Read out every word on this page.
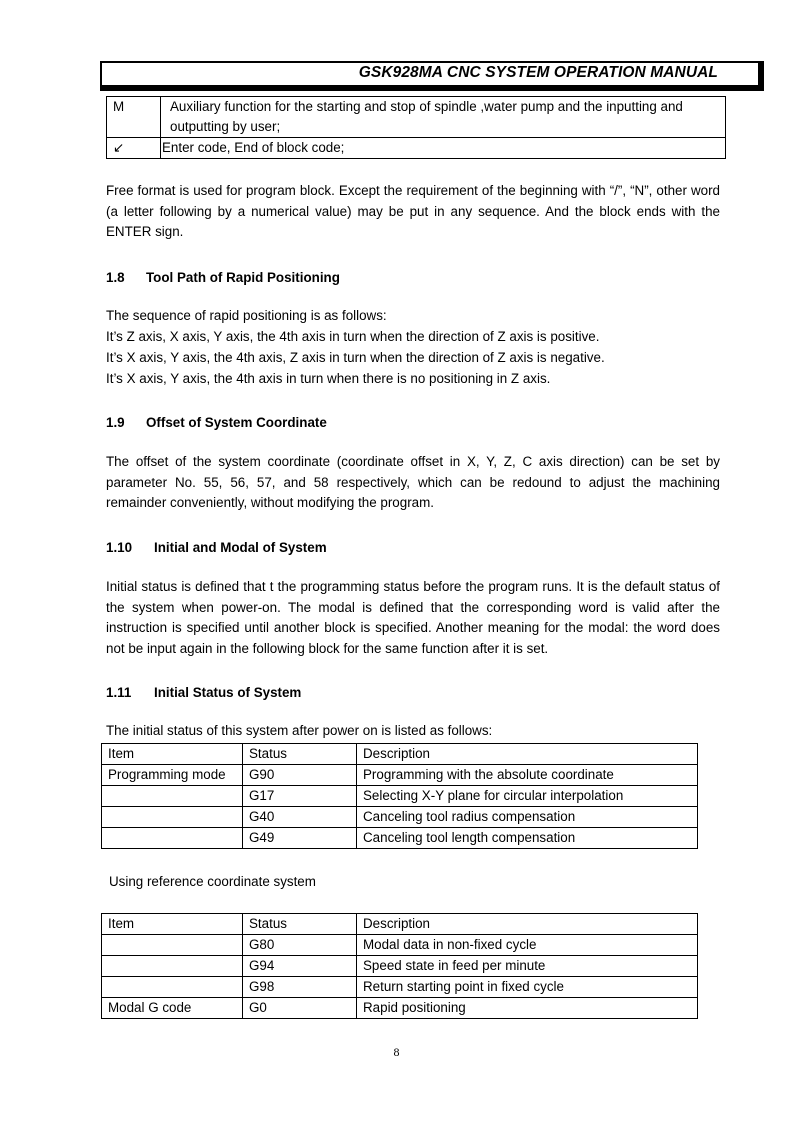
GSK928MA CNC SYSTEM OPERATION MANUAL
M	Auxiliary function for the starting and stop of spindle ,water pump and the inputting and outputting by user;
↙	Enter code, End of block code;

Free format is used for program block. Except the requirement of the beginning with “/”, “N”, other word (a letter following by a numerical value) may be put in any sequence. And the block ends with the ENTER sign.

1.8 Tool Path of Rapid Positioning

The sequence of rapid positioning is as follows:

It’s Z axis, X axis, Y axis, the 4th axis in turn when the direction of Z axis is positive.

It’s X axis, Y axis, the 4th axis, Z axis in turn when the direction of Z axis is negative.

It’s X axis, Y axis, the 4th axis in turn when there is no positioning in Z axis.

1.9 Offset of System Coordinate

The offset of the system coordinate (coordinate offset in X, Y, Z, C axis direction) can be set by parameter No. 55, 56, 57, and 58 respectively, which can be redound to adjust the machining remainder conveniently, without modifying the program.

1.10 Initial and Modal of System

Initial status is defined that t the programming status before the program runs. It is the default status of the system when power-on. The modal is defined that the corresponding word is valid after the instruction is specified until another block is specified. Another meaning for the modal: the word does not be input again in the following block for the same function after it is set.

1.11 Initial Status of System

The initial status of this system after power on is listed as follows:

Item	Status	Description
Programming mode	G90	Programming with the absolute coordinate
	G17	Selecting X-Y plane for circular interpolation
	G40	Canceling tool radius compensation
	G49	Canceling tool length compensation

Using reference coordinate system

Item	Status	Description
	G80	Modal data in non-fixed cycle
	G94	Speed state in feed per minute
	G98	Return starting point in fixed cycle
Modal G code	G0	Rapid positioning
8
